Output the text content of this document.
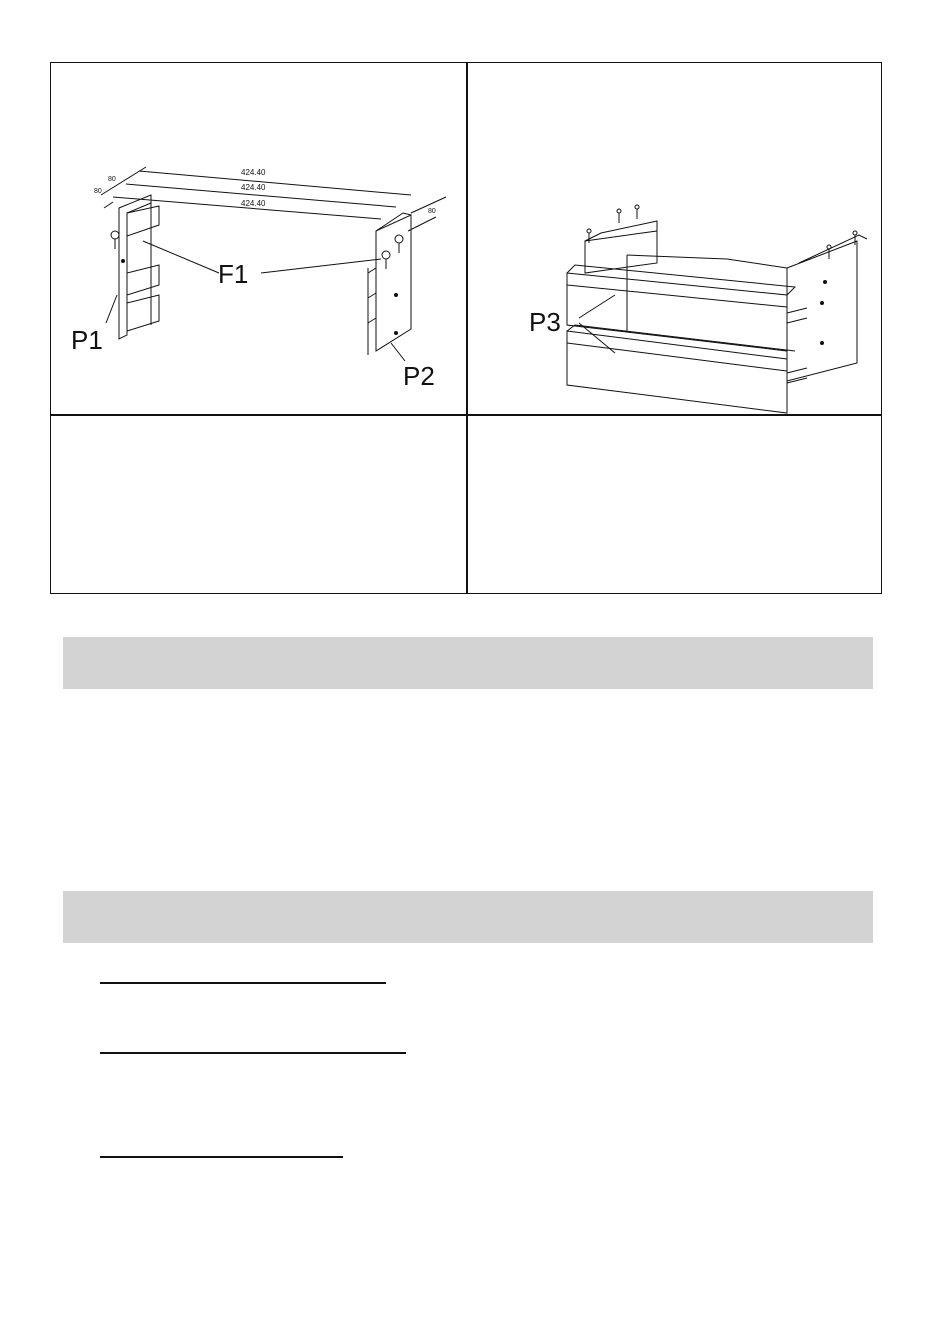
424.40
424.40
424.40
80
80
80
F1
P1
P2
P3
